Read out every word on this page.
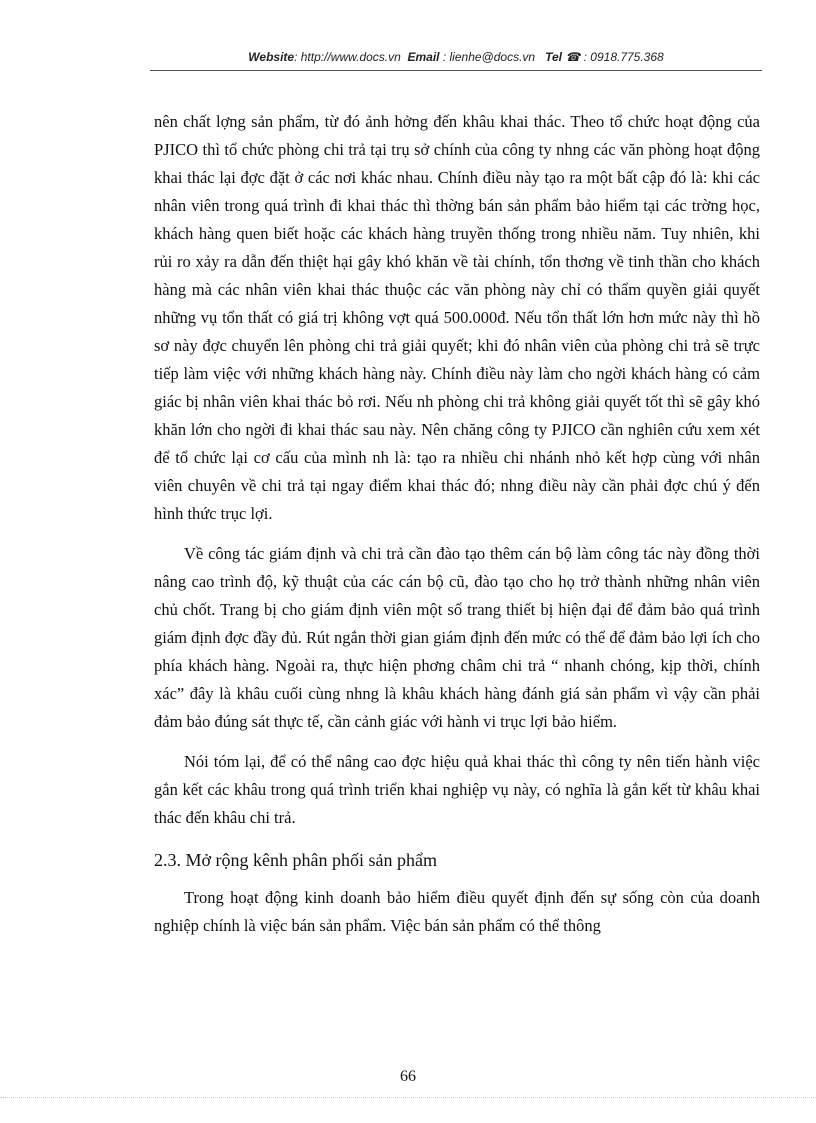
Website: http://www.docs.vn Email : lienhe@docs.vn Tel ☎ : 0918.775.368

nên chất lợng sản phẩm, từ đó ảnh hởng đến khâu khai thác. Theo tổ chức hoạt động của PJICO thì tổ chức phòng chi trả tại trụ sở chính của công ty nhng các văn phòng hoạt động khai thác lại đợc đặt ở các nơi khác nhau. Chính điều này tạo ra một bất cập đó là: khi các nhân viên trong quá trình đi khai thác thì thờng bán sản phẩm bảo hiểm tại các trờng học, khách hàng quen biết hoặc các khách hàng truyền thống trong nhiều năm. Tuy nhiên, khi rủi ro xảy ra dẫn đến thiệt hại gây khó khăn về tài chính, tổn thơng về tinh thần cho khách hàng mà các nhân viên khai thác thuộc các văn phòng này chỉ có thẩm quyền giải quyết những vụ tổn thất có giá trị không vợt quá 500.000đ. Nếu tổn thất lớn hơn mức này thì hồ sơ này đợc chuyển lên phòng chi trả giải quyết; khi đó nhân viên của phòng chi trả sẽ trực tiếp làm việc với những khách hàng này. Chính điều này làm cho ngời khách hàng có cảm giác bị nhân viên khai thác bỏ rơi. Nếu nh phòng chi trả không giải quyết tốt thì sẽ gây khó khăn lớn cho ngời đi khai thác sau này. Nên chăng công ty PJICO cần nghiên cứu xem xét để tổ chức lại cơ cấu của mình nh là: tạo ra nhiều chi nhánh nhỏ kết hợp cùng với nhân viên chuyên về chi trả tại ngay điểm khai thác đó; nhng điều này cần phải đợc chú ý đến hình thức trục lợi.

Về công tác giám định và chi trả cần đào tạo thêm cán bộ làm công tác này đồng thời nâng cao trình độ, kỹ thuật của các cán bộ cũ, đào tạo cho họ trở thành những nhân viên chủ chốt. Trang bị cho giám định viên một số trang thiết bị hiện đại để đảm bảo quá trình giám định đợc đầy đủ. Rút ngắn thời gian giám định đến mức có thể để đảm bảo lợi ích cho phía khách hàng. Ngoài ra, thực hiện phơng châm chi trả “ nhanh chóng, kịp thời, chính xác” đây là khâu cuối cùng nhng là khâu khách hàng đánh giá sản phẩm vì vậy cần phải đảm bảo đúng sát thực tế, cần cảnh giác với hành vi trục lợi bảo hiểm.

Nói tóm lại, để có thể nâng cao đợc hiệu quả khai thác thì công ty nên tiến hành việc gắn kết các khâu trong quá trình triển khai nghiệp vụ này, có nghĩa là gắn kết từ khâu khai thác đến khâu chi trả.

2.3. Mở rộng kênh phân phối sản phẩm

Trong hoạt động kinh doanh bảo hiểm điều quyết định đến sự sống còn của doanh nghiệp chính là việc bán sản phẩm. Việc bán sản phẩm có thể thông

66
